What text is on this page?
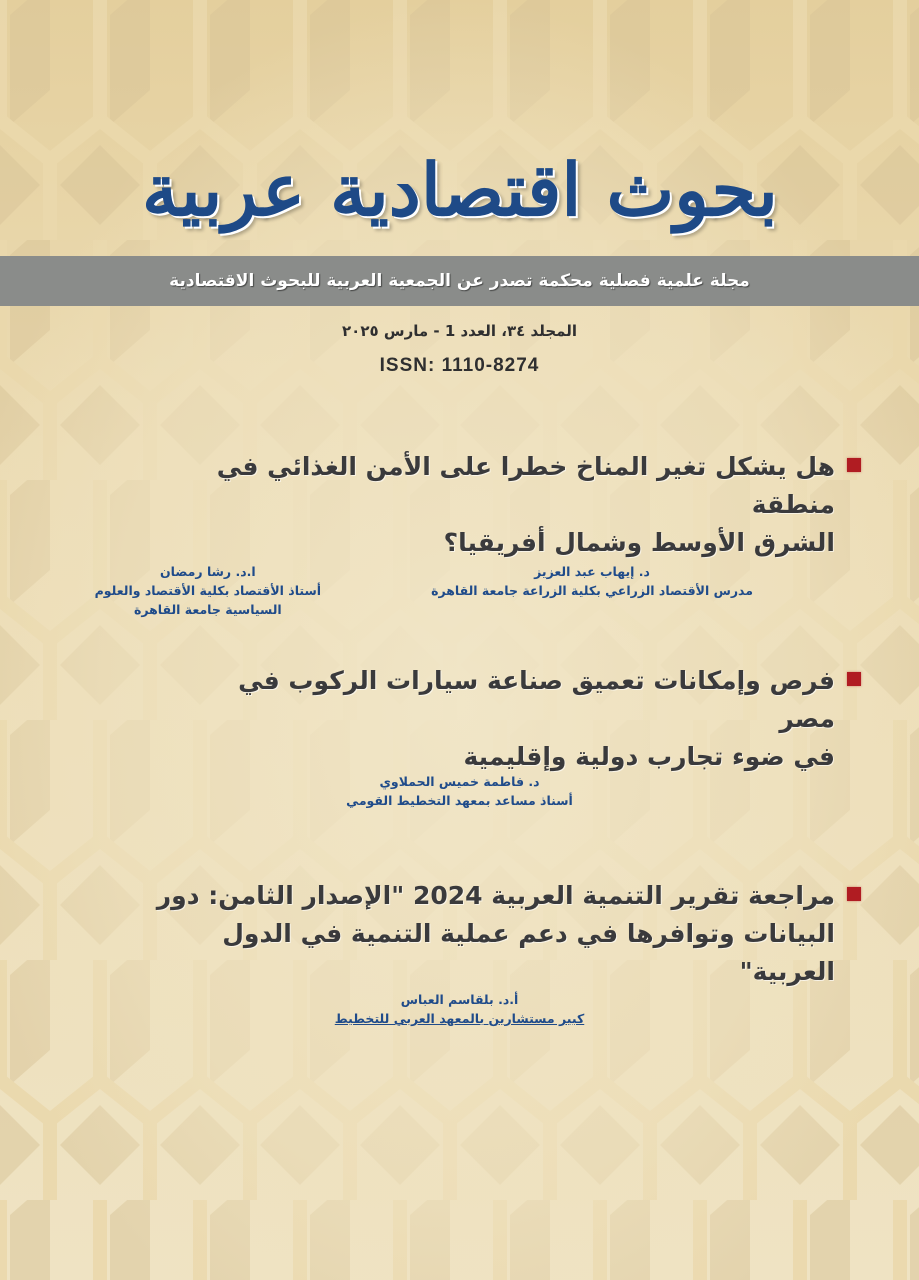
بحوث اقتصادية عربية
مجلة علمية فصلية محكمة تصدر عن الجمعية العربية للبحوث الاقتصادية
المجلد ٣٤، العدد 1 - مارس ٢٠٢٥
ISSN: 1110-8274
هل يشكل تغير المناخ خطرا على الأمن الغذائي في منطقة
الشرق الأوسط وشمال أفريقيا؟
د. إيهاب عبد العزيز
مدرس الأقتصاد الزراعي بكلية الزراعة جامعة القاهرة
ا.د. رشا رمضان
أستاذ الأقتصاد بكلية الأقتصاد والعلوم
السياسية جامعة القاهرة
فرص وإمكانات تعميق صناعة سيارات الركوب في مصر
في ضوء تجارب دولية وإقليمية
د. فاطمة خميس الحملاوي
أسناذ مساعد بمعهد التخطيط القومي
مراجعة تقرير التنمية العربية 2024 "الإصدار الثامن: دور
البيانات وتوافرها في دعم عملية التنمية في الدول العربية"
أ.د. بلقاسم العباس
كبير مستشارين بالمعهد العربي للتخطيط
